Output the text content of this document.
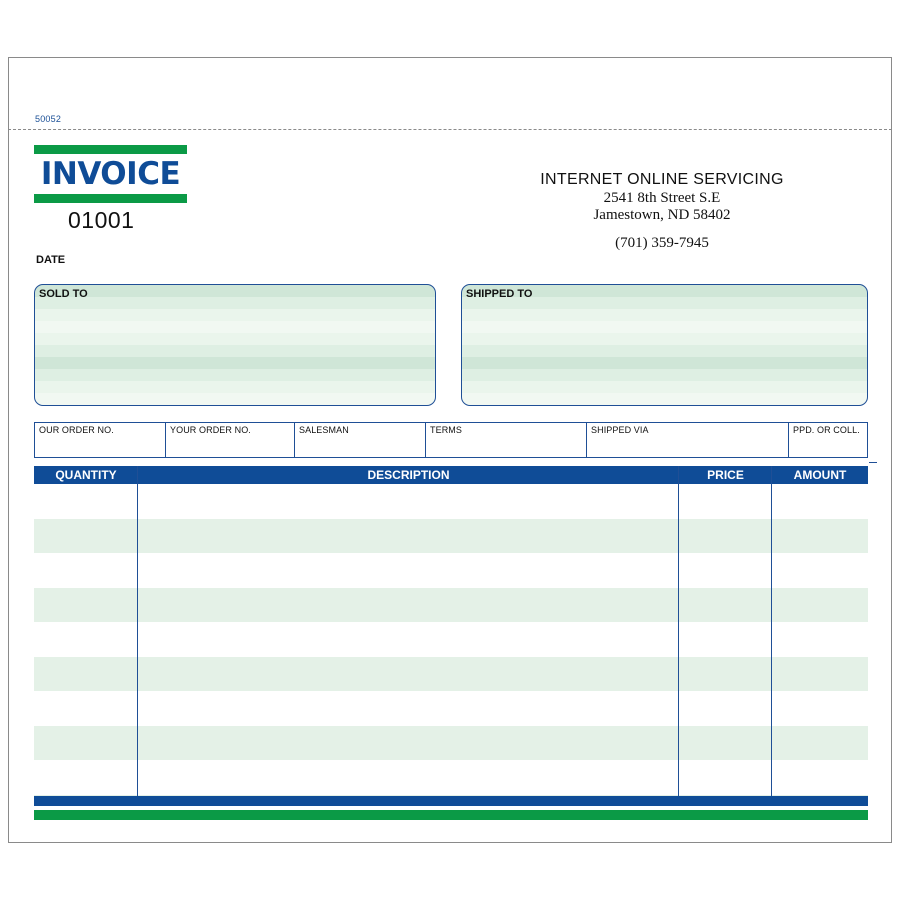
50052
INVOICE
01001
DATE
INTERNET ONLINE SERVICING
2541 8th Street S.E
Jamestown, ND 58402
(701) 359-7945
SOLD TO	SHIPPED TO
OUR ORDER NO.	YOUR ORDER NO.	SALESMAN	TERMS	SHIPPED VIA	PPD. OR COLL.
QUANTITY	DESCRIPTION	PRICE	AMOUNT
